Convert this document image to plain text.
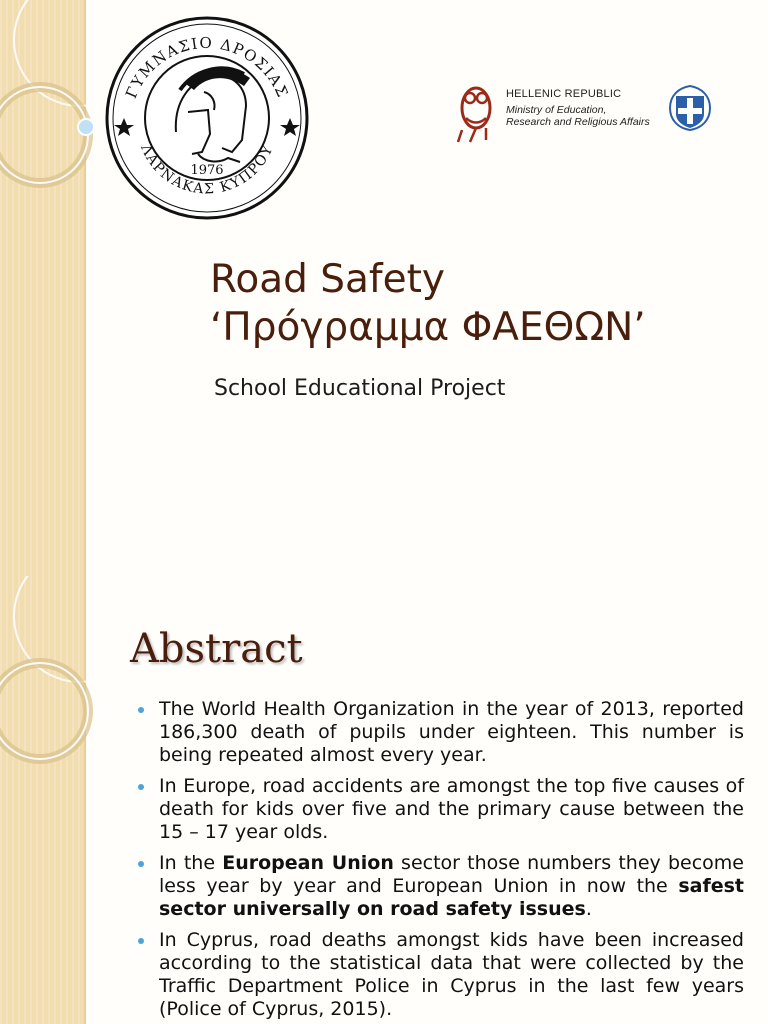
ΓΥΜΝΑΣΙΟ ΔΡΟΣΙΑΣ
ΛΑΡΝΑΚΑΣ ΚΥΠΡΟΥ
1976
HELLENIC REPUBLIC
Ministry of Education,
Research and Religious Affairs
Road Safety
‘Πρόγραμμα ΦΑΕΘΩΝ’
School Educational Project
Abstract
The World Health Organization in the year of 2013, reported 186,300 death of pupils under eighteen. This number is being repeated almost every year.
In Europe, road accidents are amongst the top five causes of death for kids over five and the primary cause between the 15 – 17 year olds.
In the European Union sector those numbers they become less year by year and European Union in now the safest sector universally on road safety issues.
In Cyprus, road deaths amongst kids have been increased according to the statistical data that were collected by the Traffic Department Police in Cyprus in the last few years (Police of Cyprus, 2015).
